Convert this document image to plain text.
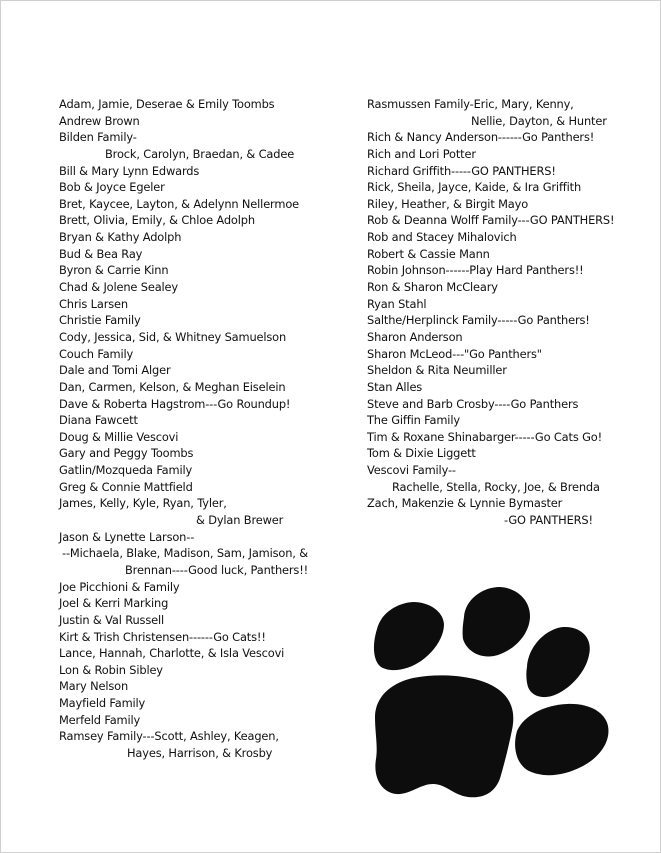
Adam, Jamie, Deserae & Emily Toombs
Andrew Brown
Bilden Family-
Brock, Carolyn, Braedan, & Cadee
Bill & Mary Lynn Edwards
Bob & Joyce Egeler
Bret, Kaycee, Layton, & Adelynn Nellermoe
Brett, Olivia, Emily, & Chloe Adolph
Bryan & Kathy Adolph
Bud & Bea Ray
Byron & Carrie Kinn
Chad & Jolene Sealey
Chris Larsen
Christie Family
Cody, Jessica, Sid, & Whitney Samuelson
Couch Family
Dale and Tomi Alger
Dan, Carmen, Kelson, & Meghan Eiselein
Dave & Roberta Hagstrom---Go Roundup!
Diana Fawcett
Doug & Millie Vescovi
Gary and Peggy Toombs
Gatlin/Mozqueda Family
Greg & Connie Mattfield
James, Kelly, Kyle, Ryan, Tyler,
& Dylan Brewer
Jason & Lynette Larson--
--Michaela, Blake, Madison, Sam, Jamison, &
Brennan----Good luck, Panthers!!
Joe Picchioni & Family
Joel & Kerri Marking
Justin & Val Russell
Kirt & Trish Christensen------Go Cats!!
Lance, Hannah, Charlotte, & Isla Vescovi
Lon & Robin Sibley
Mary Nelson
Mayfield Family
Merfeld Family
Ramsey Family---Scott, Ashley, Keagen,
Hayes, Harrison, & Krosby
Rasmussen Family-Eric, Mary, Kenny,
Nellie, Dayton, & Hunter
Rich & Nancy Anderson------Go Panthers!
Rich and Lori Potter
Richard Griffith-----GO PANTHERS!
Rick, Sheila, Jayce, Kaide, & Ira Griffith
Riley, Heather, & Birgit Mayo
Rob & Deanna Wolff Family---GO PANTHERS!
Rob and Stacey Mihalovich
Robert & Cassie Mann
Robin Johnson------Play Hard Panthers!!
Ron & Sharon McCleary
Ryan Stahl
Salthe/Herplinck Family-----Go Panthers!
Sharon Anderson
Sharon McLeod---"Go Panthers"
Sheldon & Rita Neumiller
Stan Alles
Steve and Barb Crosby----Go Panthers
The Giffin Family
Tim & Roxane Shinabarger-----Go Cats Go!
Tom & Dixie Liggett
Vescovi Family--
Rachelle, Stella, Rocky, Joe, & Brenda
Zach, Makenzie & Lynnie Bymaster
-GO PANTHERS!
